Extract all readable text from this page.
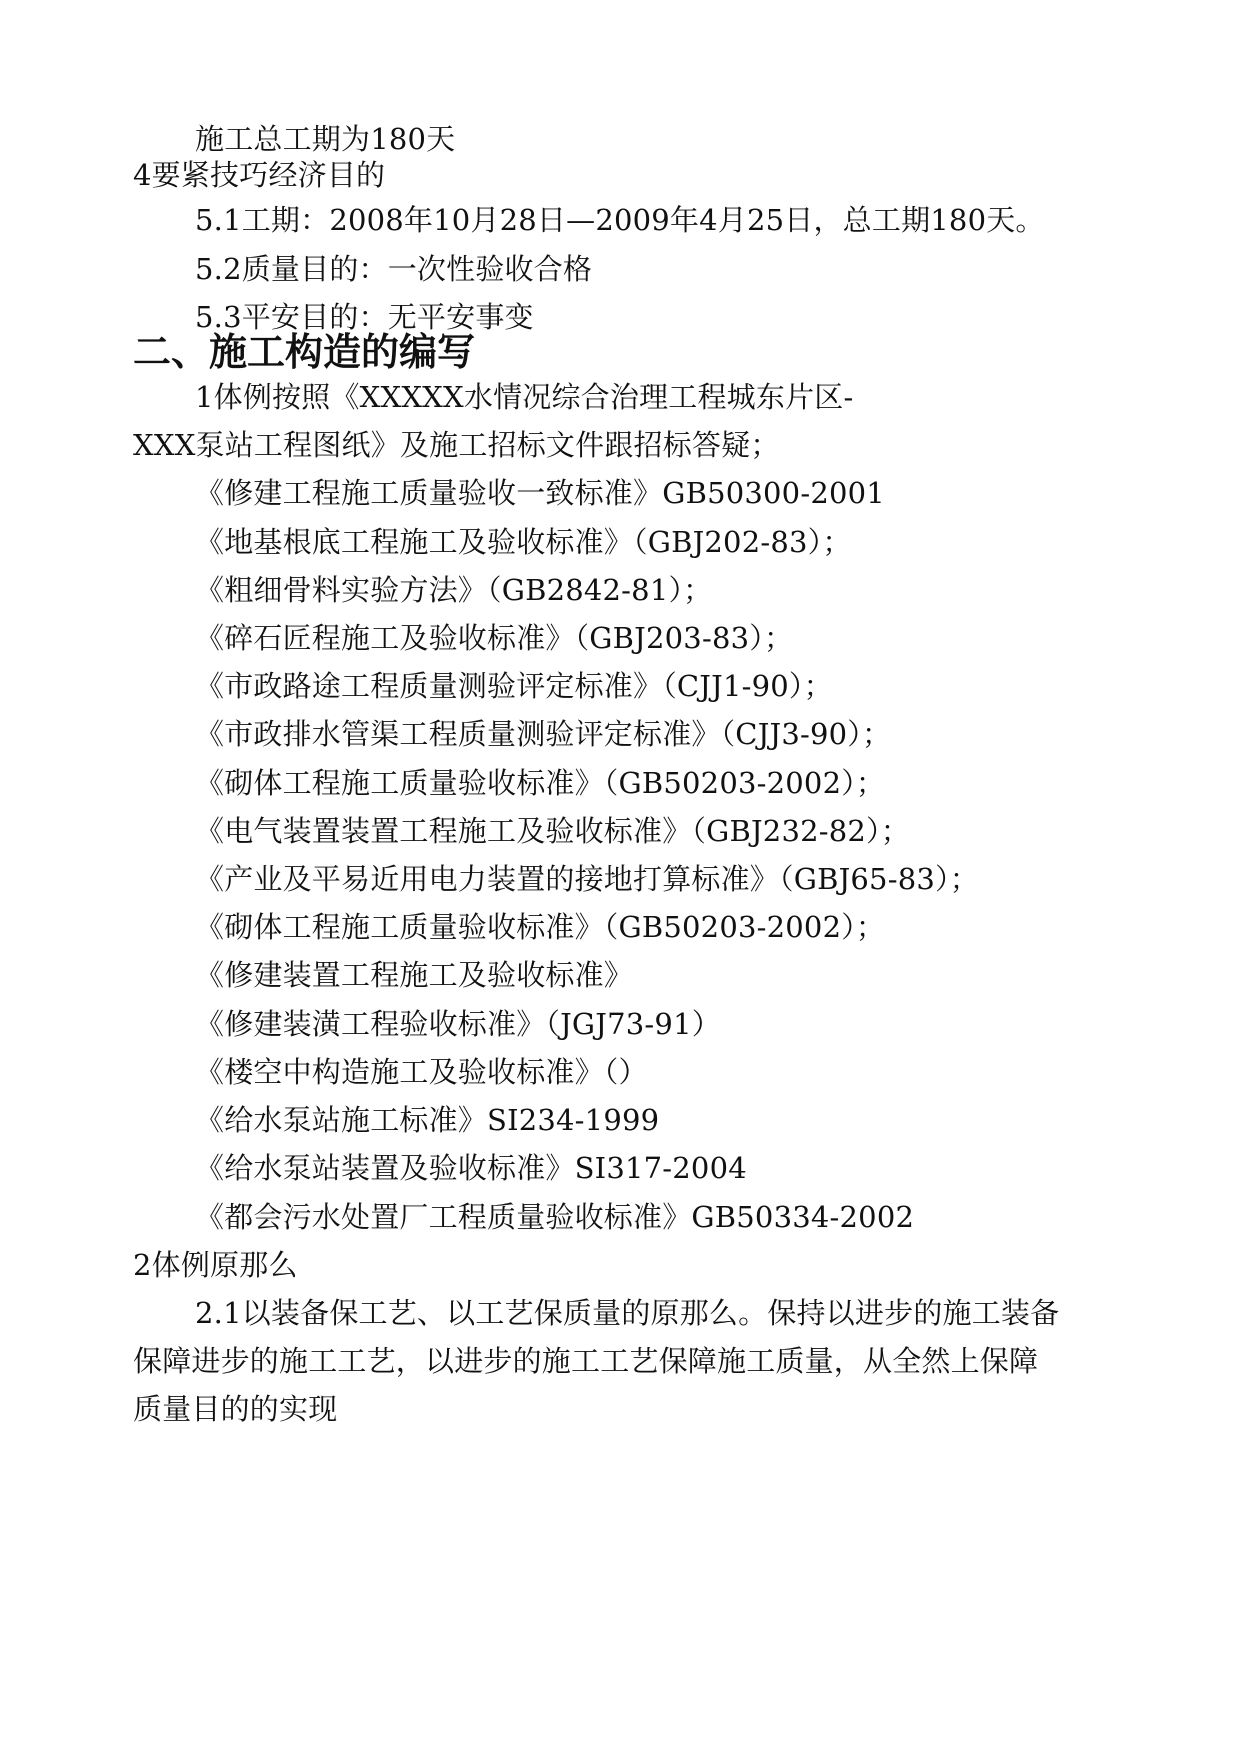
施工总工期为180天
4要紧技巧经济目的
5.1工期：2008年10月28日—2009年4月25日，总工期180天。
5.2质量目的：一次性验收合格
5.3平安目的：无平安事变
二、施工构造的编写
1体例按照《XXXXX水情况综合治理工程城东片区-
XXX泵站工程图纸》及施工招标文件跟招标答疑；
《修建工程施工质量验收一致标准》GB50300-2001
《地基根底工程施工及验收标准》（GBJ202-83）；
《粗细骨料实验方法》（GB2842-81）；
《碎石匠程施工及验收标准》（GBJ203-83）；
《市政路途工程质量测验评定标准》（CJJ1-90）；
《市政排水管渠工程质量测验评定标准》（CJJ3-90）；
《砌体工程施工质量验收标准》（GB50203-2002）；
《电气装置装置工程施工及验收标准》（GBJ232-82）；
《产业及平易近用电力装置的接地打算标准》（GBJ65-83）；
《砌体工程施工质量验收标准》（GB50203-2002）；
《修建装置工程施工及验收标准》
《修建装潢工程验收标准》（JGJ73-91）
《楼空中构造施工及验收标准》（）
《给水泵站施工标准》SI234-1999
《给水泵站装置及验收标准》SI317-2004
《都会污水处置厂工程质量验收标准》GB50334-2002
2体例原那么
2.1以装备保工艺、以工艺保质量的原那么。保持以进步的施工装备
保障进步的施工工艺，以进步的施工工艺保障施工质量，从全然上保障
质量目的的实现
